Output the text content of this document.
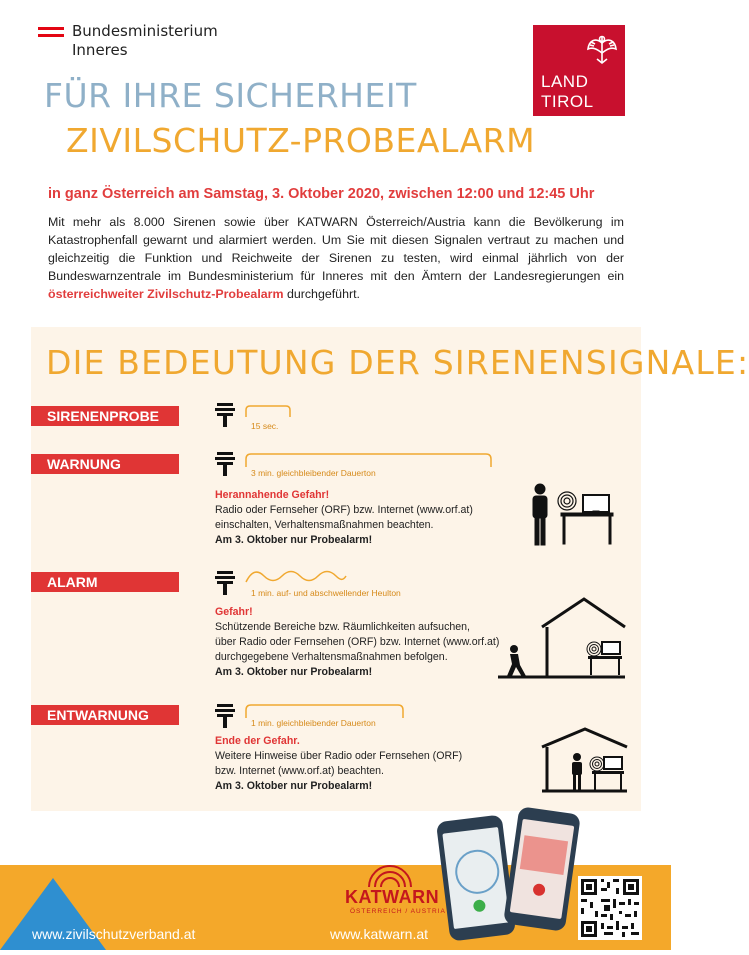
Bundesministerium
Inneres
LAND
TIROL
FÜR IHRE SICHERHEIT
ZIVILSCHUTZ-PROBEALARM
in ganz Österreich am Samstag, 3. Oktober 2020, zwischen 12:00 und 12:45 Uhr
Mit mehr als 8.000 Sirenen sowie über KATWARN Österreich/Austria kann die Bevölkerung im Katastrophenfall gewarnt und alarmiert werden. Um Sie mit diesen Signalen vertraut zu machen und gleichzeitig die Funktion und Reichweite der Sirenen zu testen, wird einmal jährlich von der Bundeswarnzentrale im Bundesministerium für Inneres mit den Ämtern der Landesregierungen ein österreichweiter Zivilschutz-Probealarm durchgeführt.
DIE BEDEUTUNG DER SIRENENSIGNALE:
SIRENENPROBE
15 sec.
WARNUNG
3 min. gleichbleibender Dauerton
Herannahende Gefahr!
Radio oder Fernseher (ORF) bzw. Internet (www.orf.at)
einschalten, Verhaltensmaßnahmen beachten.
Am 3. Oktober nur Probealarm!
ALARM
1 min. auf- und abschwellender Heulton
Gefahr!
Schützende Bereiche bzw. Räumlichkeiten aufsuchen,
über Radio oder Fernsehen (ORF) bzw. Internet (www.orf.at)
durchgegebene Verhaltensmaßnahmen befolgen.
Am 3. Oktober nur Probealarm!
ENTWARNUNG	1 min. gleichbleibender Dauerton
Ende der Gefahr.
Weitere Hinweise über Radio oder Fernsehen (ORF)
bzw. Internet (www.orf.at) beachten.
Am 3. Oktober nur Probealarm!
www.zivilschutzverband.at
KATWARN
ÖSTERREICH / AUSTRIA
www.katwarn.at
